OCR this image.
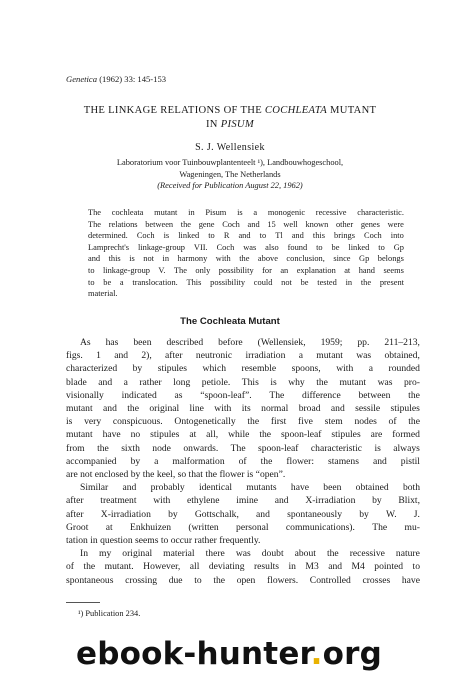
Genetica (1962) 33: 145-153
THE LINKAGE RELATIONS OF THE COCHLEATA MUTANT
IN PISUM
S. J. Wellensiek
Laboratorium voor Tuinbouwplantenteelt ¹), Landbouwhogeschool,
Wageningen, The Netherlands
(Received for Publication August 22, 1962)
The cochleata mutant in Pisum is a monogenic recessive characteristic.
The relations between the gene Coch and 15 well known other genes were
determined. Coch is linked to R and to Tl and this brings Coch into
Lamprecht's linkage-group VII. Coch was also found to be linked to Gp
and this is not in harmony with the above conclusion, since Gp belongs
to linkage-group V. The only possibility for an explanation at hand seems
to be a translocation. This possibility could not be tested in the present
material.
The Cochleata Mutant
As has been described before (Wellensiek, 1959; pp. 211–213,
figs. 1 and 2), after neutronic irradiation a mutant was obtained,
characterized by stipules which resemble spoons, with a rounded
blade and a rather long petiole. This is why the mutant was pro-
visionally indicated as “spoon-leaf”. The difference between the
mutant and the original line with its normal broad and sessile stipules
is very conspicuous. Ontogenetically the first five stem nodes of the
mutant have no stipules at all, while the spoon-leaf stipules are formed
from the sixth node onwards. The spoon-leaf characteristic is always
accompanied by a malformation of the flower: stamens and pistil
are not enclosed by the keel, so that the flower is “open”.
Similar and probably identical mutants have been obtained both
after treatment with ethylene imine and X-irradiation by Blixt,
after X-irradiation by Gottschalk, and spontaneously by W. J.
Groot at Enkhuizen (written personal communications). The mu-
tation in question seems to occur rather frequently.
In my original material there was doubt about the recessive nature
of the mutant. However, all deviating results in M3 and M4 pointed to
spontaneous crossing due to the open flowers. Controlled crosses have
¹) Publication 234.
ebook-hunter.org
